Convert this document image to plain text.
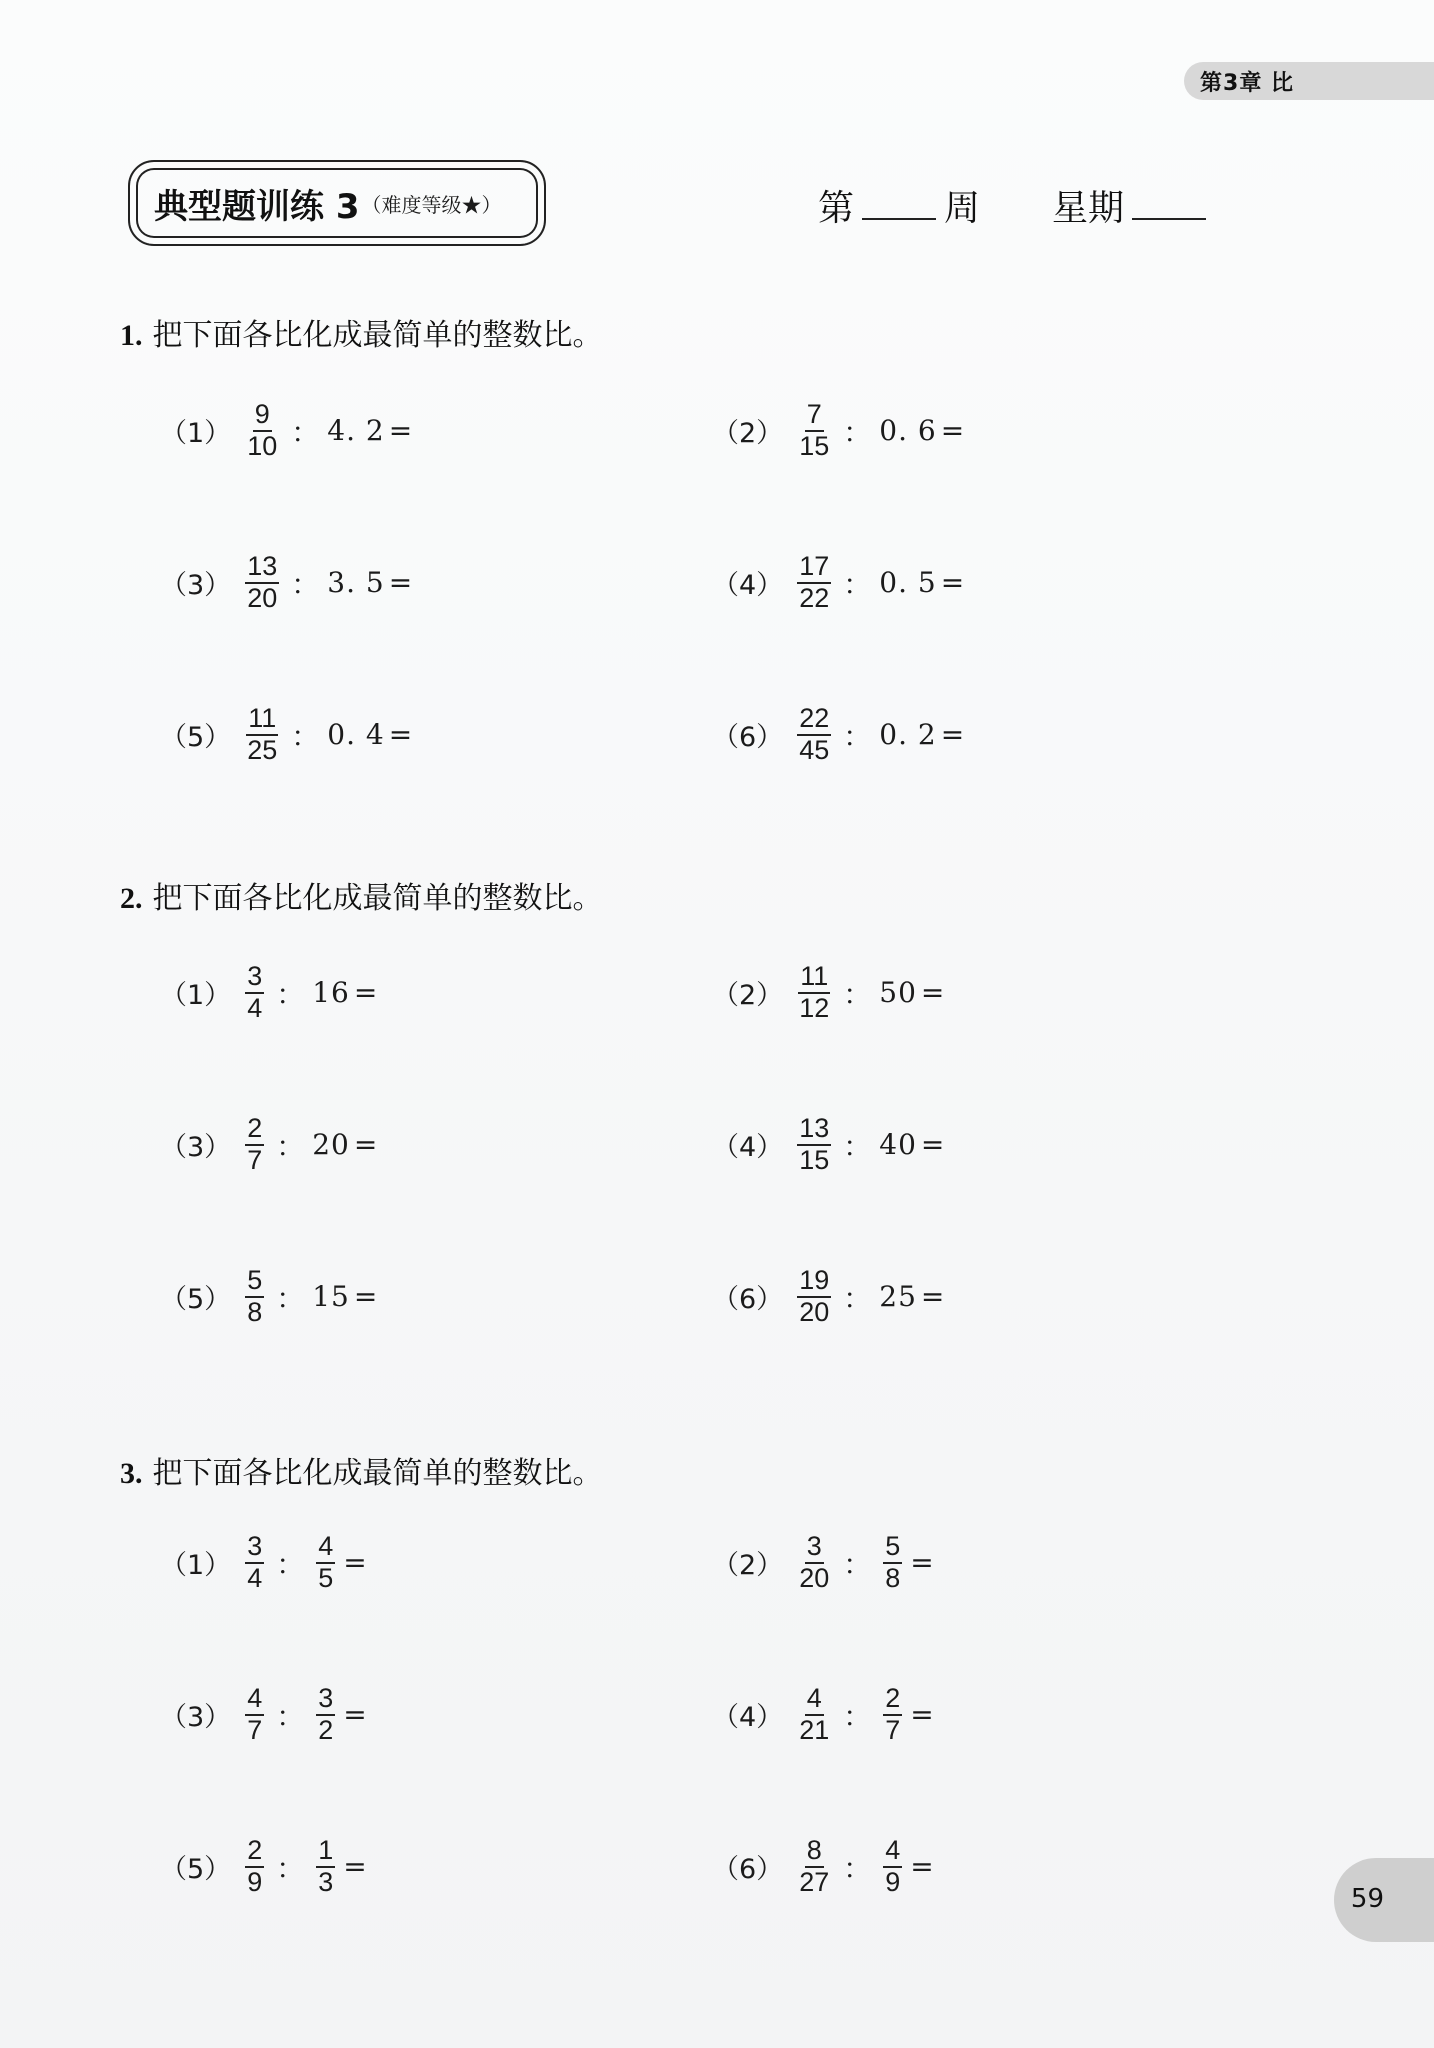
第3章 比
典型题训练 3 （难度等级★）	第	周 星期
1. 把下面各比化成最简单的整数比。
2. 把下面各比化成最简单的整数比。
3. 把下面各比化成最简单的整数比。
$(1) \frac{9}{10}$ ： 4. 2 =	$(2) \frac{7}{15}$ ： 0. 6 =
$(3) \frac{13}{20}$ ： 3. 5 =	$(4) \frac{17}{22}$ ： 0. 5 =
$(5) \frac{11}{25}$ ： 0. 4 =	$(6) \frac{22}{45}$ ： 0. 2 =
$(1) \frac{3}{4}$ ： 16 =	$(2) \frac{11}{12}$ ： 50 =
$(3) \frac{2}{7}$ ： 20 =	$(4) \frac{13}{15}$ ： 40 =
$(5) \frac{5}{8}$ ： 15 =	$(6) \frac{19}{20}$ ： 25 =
$(1) \frac{3}{4}$ ： $\frac{4}{5}$ =	$(2) \frac{3}{20}$ ： $\frac{5}{8}$ =
$(3) \frac{4}{7}$ ： $\frac{3}{2}$ =	$(4) \frac{4}{21}$ ： $\frac{2}{7}$ =
$(5) \frac{2}{9}$ ： $\frac{1}{3}$ =	$(6) \frac{8}{27}$ ： $\frac{4}{9}$ =
59
